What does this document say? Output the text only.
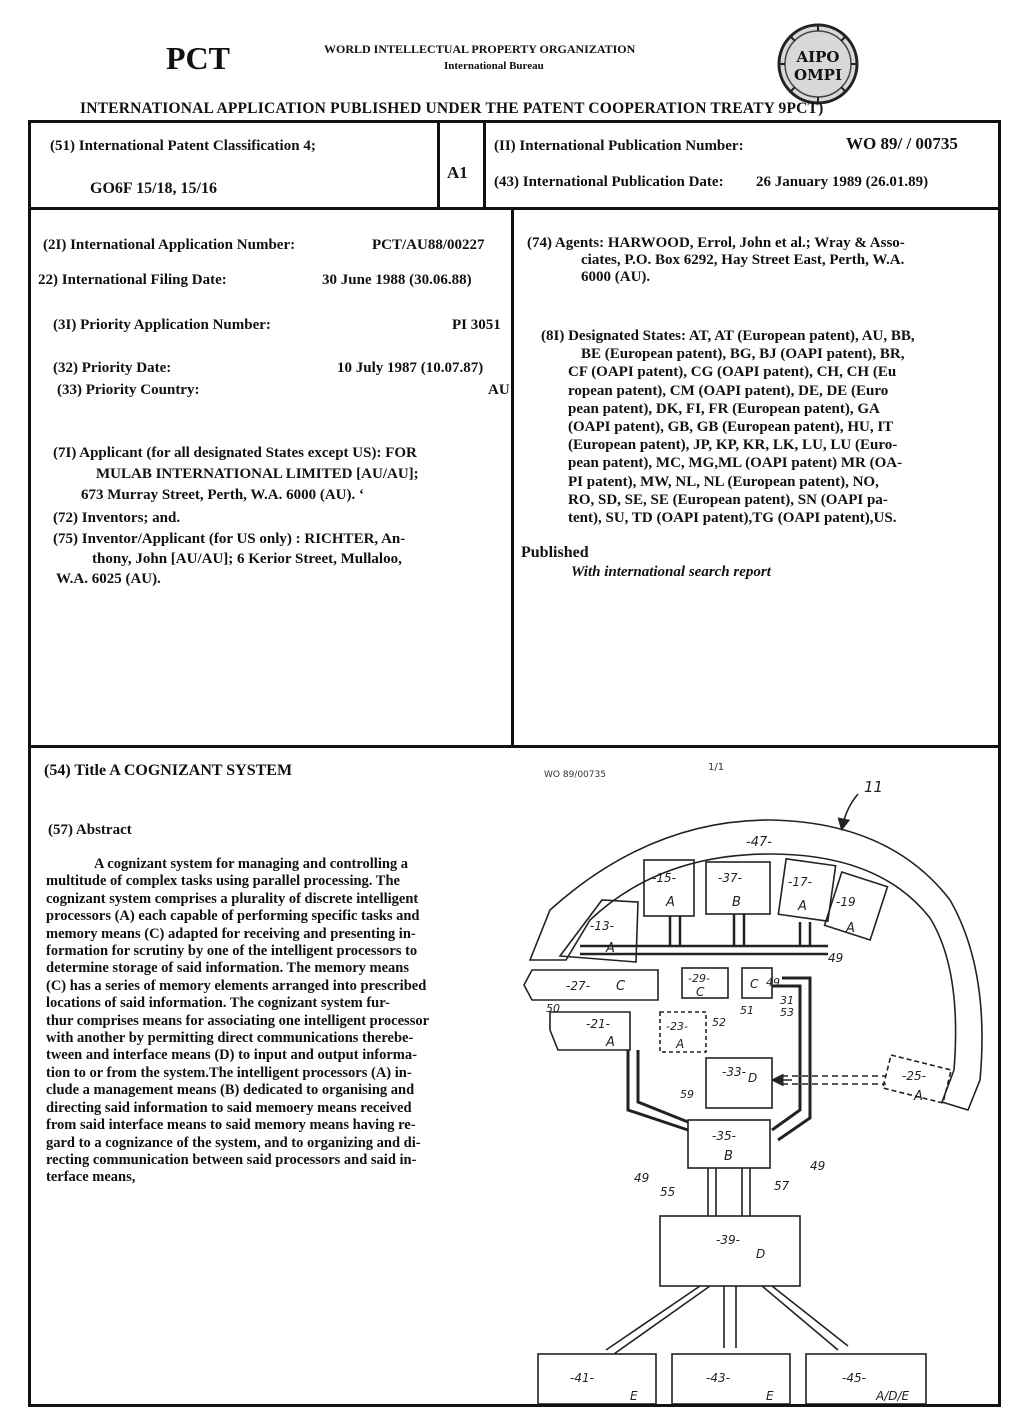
PCT	WORLD INTELLECTUAL PROPERTY ORGANIZATION
International Bureau	AIPO
OMPI
INTERNATIONAL APPLICATION PUBLISHED UNDER THE PATENT COOPERATION TREATY 9PCT)
(51) International Patent Classification 4;
GO6F 15/18, 15/16
A1
(II) International Publication Number:	WO 89/ / 00735
(43) International Publication Date: 26 January 1989 (26.01.89)
(2I) International Application Number:	PCT/AU88/00227
22) International Filing Date:	30 June 1988 (30.06.88)
(3I) Priority Application Number:	PI 3051
(32) Priority Date:	10 July 1987 (10.07.87)
(33) Priority Country:	AU
(7I) Applicant (for all designated States except US): FOR
MULAB INTERNATIONAL LIMITED [AU/AU];
673 Murray Street, Perth, W.A. 6000 (AU). ‘
(72) Inventors; and.
(75) Inventor/Applicant (for US only) : RICHTER, An-
thony, John [AU/AU]; 6 Kerior Street, Mullaloo,
W.A. 6025 (AU).
(74) Agents: HARWOOD, Errol, John et al.; Wray & Asso-
ciates, P.O. Box 6292, Hay Street East, Perth, W.A.
6000 (AU).
(8I) Designated States: AT, AT (European patent), AU, BB,
BE (European patent), BG, BJ (OAPI patent), BR,
CF (OAPI patent), CG (OAPI patent), CH, CH (Eu
ropean patent), CM (OAPI patent), DE, DE (Euro
pean patent), DK, FI, FR (European patent), GA
(OAPI patent), GB, GB (European patent), HU, IT
(European patent), JP, KP, KR, LK, LU, LU (Euro-
pean patent), MC, MG,ML (OAPI patent) MR (OA-
PI patent), MW, NL, NL (European patent), NO,
RO, SD, SE, SE (European patent), SN (OAPI pa-
tent), SU, TD (OAPI patent),TG (OAPI patent),US.
Published
With international search report
(54) Title A COGNIZANT SYSTEM
(57) Abstract
A cognizant system for managing and controlling a
multitude of complex tasks using parallel processing. The
cognizant system comprises a plurality of discrete intelligent
processors (A) each capable of performing specific tasks and
memory means (C) adapted for receiving and presenting in-
formation for scrutiny by one of the intelligent processors to
determine storage of said information. The memory means
(C) has a series of memory elements arranged into prescribed
locations of said information. The cognizant system fur-
thur comprises means for associating one intelligent processor
with another by permitting direct communications therebe-
tween and interface means (D) to input and output informa-
tion to or from the system.The intelligent processors (A) in-
clude a management means (B) dedicated to organising and
directing said information to said memoery means received
from said interface means to said memory means having re-
gard to a cognizance of the system, and to organizing and di-
recting communication between said processors and said in-
terface means,
WO 89/00735
1/1
11
-47-
-15-
A
-37-
B
-17-
A -19
A
-13-
A
-27- C
-29-
C
C
-21-
A
-23-
A
-33- D	-25-
A
-35-
B
-39-
D
-41-
E
-43-
E
-45-
A/D/E
49
49
49
49
50	51
31
53
52
59
55	57
